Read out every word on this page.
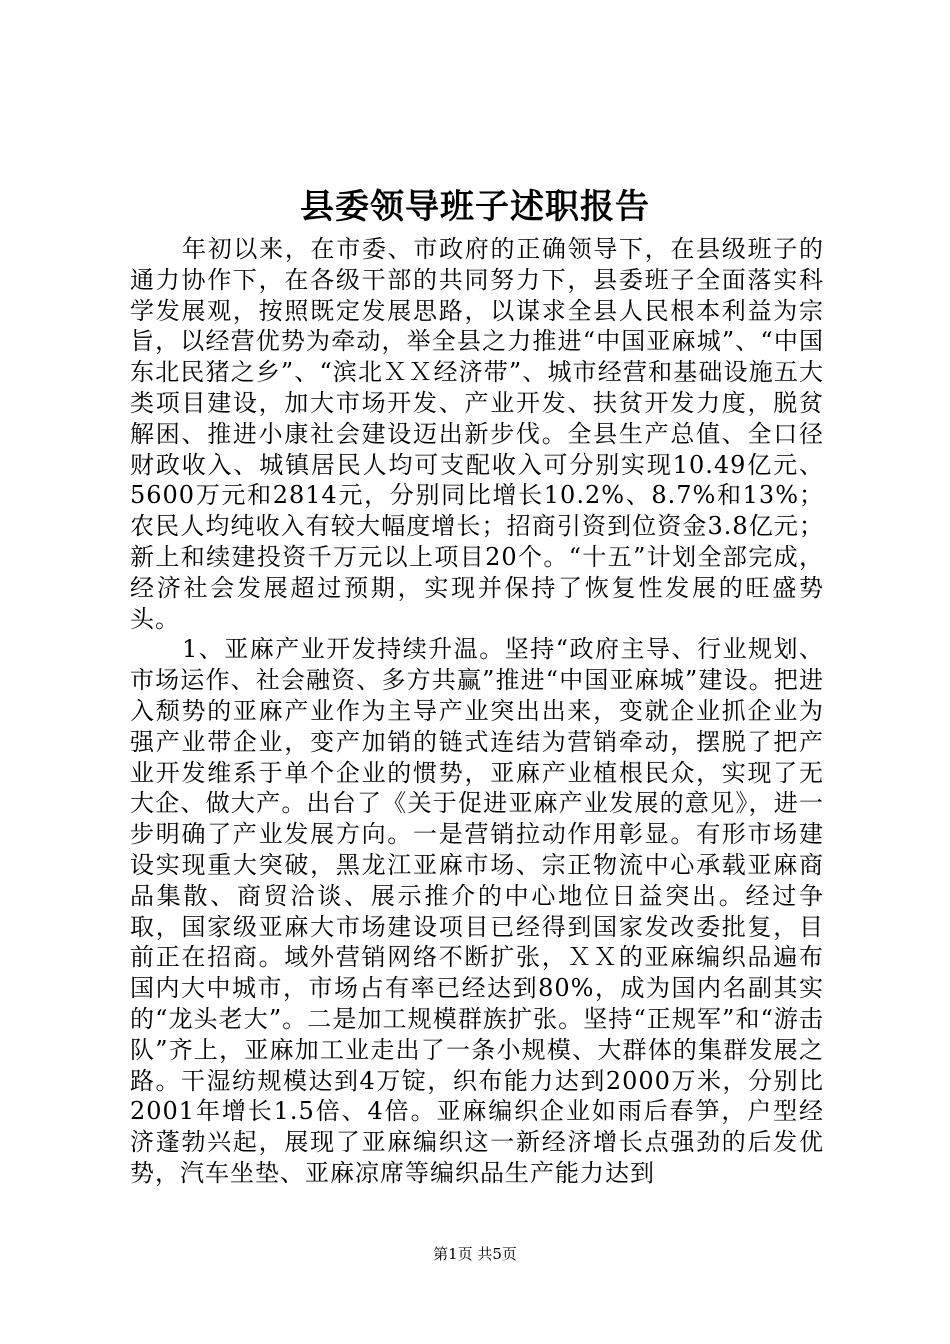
县委领导班子述职报告

年初以来，在市委、市政府的正确领导下，在县级班子的通力协作下，在各级干部的共同努力下，县委班子全面落实科学发展观，按照既定发展思路，以谋求全县人民根本利益为宗旨，以经营优势为牵动，举全县之力推进“中国亚麻城”、“中国东北民猪之乡”、“滨北ＸＸ经济带”、城市经营和基础设施五大类项目建设，加大市场开发、产业开发、扶贫开发力度，脱贫解困、推进小康社会建设迈出新步伐。全县生产总值、全口径财政收入、城镇居民人均可支配收入可分别实现10.49亿元、5600万元和2814元，分别同比增长10.2%、8.7%和13%；农民人均纯收入有较大幅度增长；招商引资到位资金3.8亿元；新上和续建投资千万元以上项目20个。“十五”计划全部完成，经济社会发展超过预期，实现并保持了恢复性发展的旺盛势头。

1、亚麻产业开发持续升温。坚持“政府主导、行业规划、市场运作、社会融资、多方共赢”推进“中国亚麻城”建设。把进入颓势的亚麻产业作为主导产业突出出来，变就企业抓企业为强产业带企业，变产加销的链式连结为营销牵动，摆脱了把产业开发维系于单个企业的惯势，亚麻产业植根民众，实现了无大企、做大产。出台了《关于促进亚麻产业发展的意见》，进一步明确了产业发展方向。一是营销拉动作用彰显。有形市场建设实现重大突破，黑龙江亚麻市场、宗正物流中心承载亚麻商品集散、商贸洽谈、展示推介的中心地位日益突出。经过争取，国家级亚麻大市场建设项目已经得到国家发改委批复，目前正在招商。域外营销网络不断扩张，ＸＸ的亚麻编织品遍布国内大中城市，市场占有率已经达到80%，成为国内名副其实的“龙头老大”。二是加工规模群族扩张。坚持“正规军”和“游击队”齐上，亚麻加工业走出了一条小规模、大群体的集群发展之路。干湿纺规模达到4万锭，织布能力达到2000万米，分别比2001年增长1.5倍、4倍。亚麻编织企业如雨后春笋，户型经济蓬勃兴起，展现了亚麻编织这一新经济增长点强劲的后发优势，汽车坐垫、亚麻凉席等编织品生产能力达到

第1页 共5页
